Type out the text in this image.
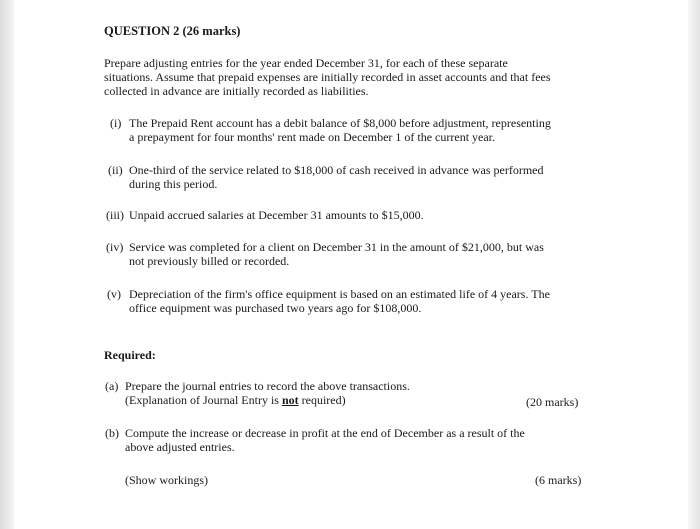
QUESTION 2 (26 marks)
Prepare adjusting entries for the year ended December 31, for each of these separate
situations. Assume that prepaid expenses are initially recorded in asset accounts and that fees
collected in advance are initially recorded as liabilities.
(i) The Prepaid Rent account has a debit balance of $8,000 before adjustment, representing
a prepayment for four months' rent made on December 1 of the current year.
(ii) One-third of the service related to $18,000 of cash received in advance was performed
during this period.
(iii) Unpaid accrued salaries at December 31 amounts to $15,000.
(iv) Service was completed for a client on December 31 in the amount of $21,000, but was
not previously billed or recorded.
(v) Depreciation of the firm's office equipment is based on an estimated life of 4 years. The
office equipment was purchased two years ago for $108,000.
Required:
(a) Prepare the journal entries to record the above transactions.
(Explanation of Journal Entry is not required)	(20 marks)
(b) Compute the increase or decrease in profit at the end of December as a result of the
above adjusted entries.
(Show workings)	(6 marks)
